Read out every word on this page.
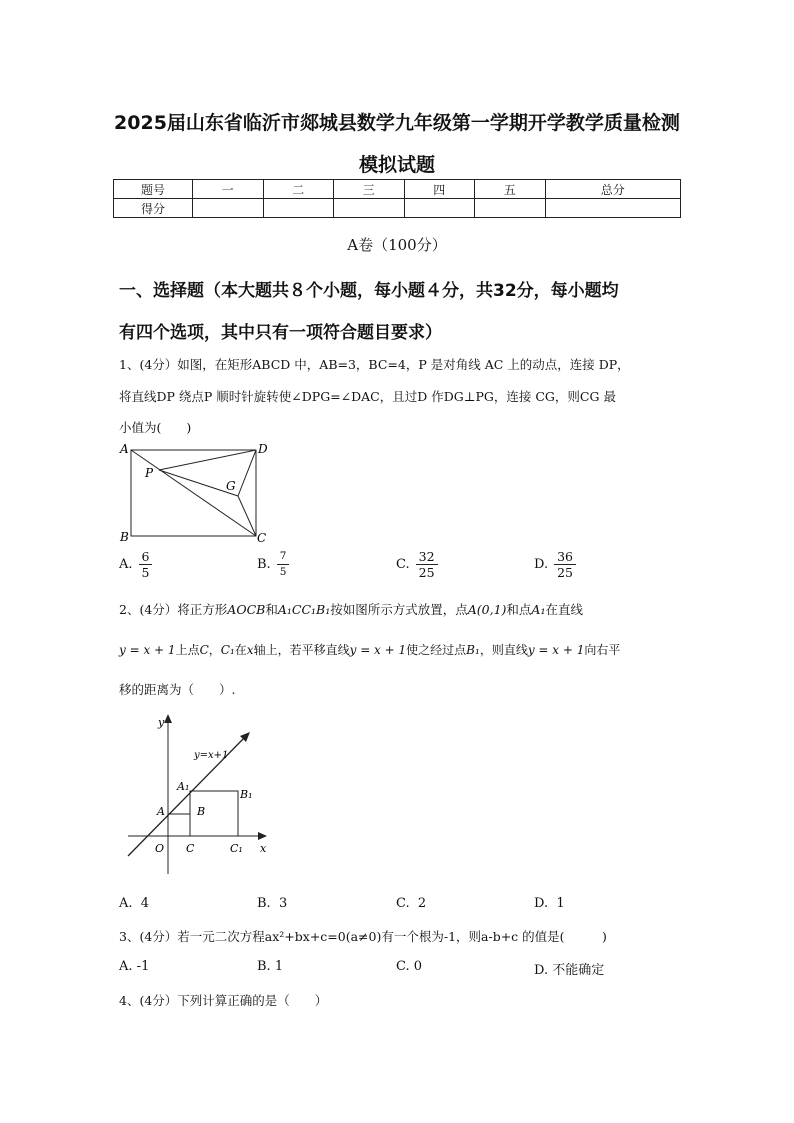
2025届山东省临沂市郯城县数学九年级第一学期开学教学质量检测
模拟试题
题号	一	二	三	四	五	总分
得分						
A卷（100分）
一、选择题（本大题共８个小题，每小题４分，共32分，每小题均
有四个选项，其中只有一项符合题目要求）
1、(4分）如图，在矩形ABCD 中，AB=3，BC=4，P 是对角线 AC 上的动点，连接 DP，
将直线DP 绕点P 顺时针旋转使∠DPG=∠DAC，且过D 作DG⊥PG，连接 CG，则CG 最
小值为(　　)
A	D
B	C
P
G
A. $\frac{6}{5}$	B. $\frac{7}{5}$	C. $\frac{32}{25}$	D. $\frac{36}{25}$
2、(4分）将正方形AOCB和A₁CC₁B₁按如图所示方式放置，点A(0,1)和点A₁在直线
y = x + 1上点C，C₁在x轴上，若平移直线y = x + 1使之经过点B₁，则直线y = x + 1向右平
移的距离为（　　）.
y
x
y=x+1
A₁
B₁
A	B
O C	C₁
A. 4	B. 3	C. 2	D. 1
3、(4分）若一元二次方程ax²+bx+c=0(a≠0)有一个根为-1，则a-b+c 的值是(　　　)
A. -1	B. 1	C. 0	D. 不能确定
4、(4分）下列计算正确的是（　　）
